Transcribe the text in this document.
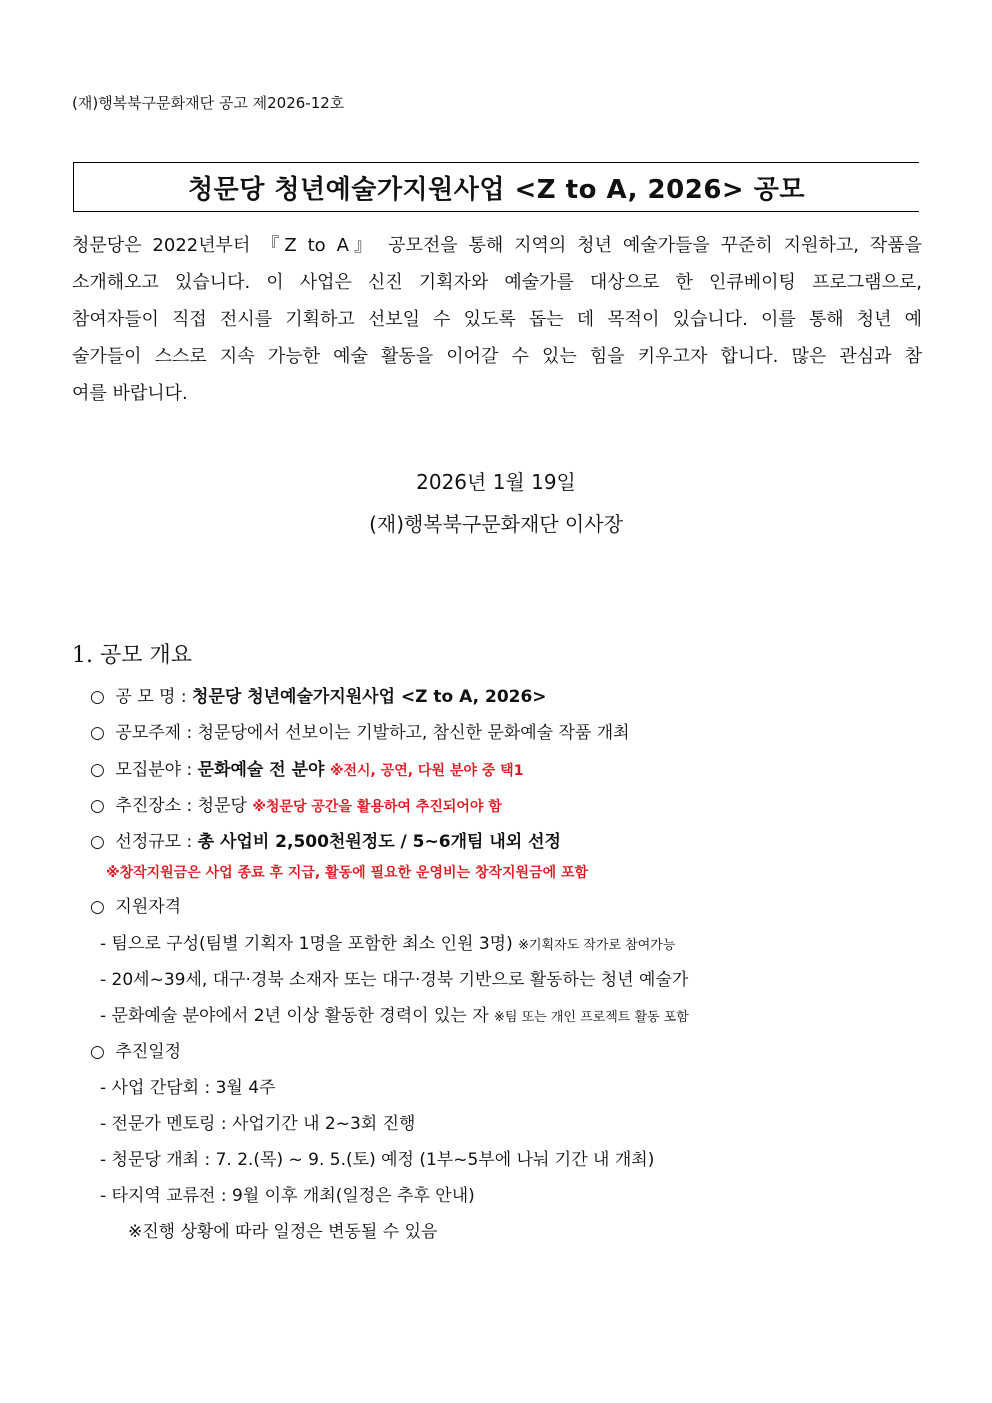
(재)행복북구문화재단 공고 제2026-12호
청문당 청년예술가지원사업 <Z to A, 2026> 공모
청문당은 2022년부터 『Z to A』 공모전을 통해 지역의 청년 예술가들을 꾸준히 지원하고, 작품을
소개해오고 있습니다. 이 사업은 신진 기획자와 예술가를 대상으로 한 인큐베이팅 프로그램으로,
참여자들이 직접 전시를 기획하고 선보일 수 있도록 돕는 데 목적이 있습니다. 이를 통해 청년 예
술가들이 스스로 지속 가능한 예술 활동을 이어갈 수 있는 힘을 키우고자 합니다. 많은 관심과 참
여를 바랍니다.
2026년 1월 19일
(재)행복북구문화재단 이사장
1. 공모 개요
○ 공 모 명 : 청문당 청년예술가지원사업 <Z to A, 2026>
○ 공모주제 : 청문당에서 선보이는 기발하고, 참신한 문화예술 작품 개최
○ 모집분야 : 문화예술 전 분야 ※전시, 공연, 다원 분야 중 택1
○ 추진장소 : 청문당 ※청문당 공간을 활용하여 추진되어야 함
○ 선정규모 : 총 사업비 2,500천원정도 / 5~6개팀 내외 선정
※창작지원금은 사업 종료 후 지급, 활동에 필요한 운영비는 창작지원금에 포함
○ 지원자격
- 팀으로 구성(팀별 기획자 1명을 포함한 최소 인원 3명) ※기획자도 작가로 참여가능
- 20세~39세, 대구·경북 소재자 또는 대구·경북 기반으로 활동하는 청년 예술가
- 문화예술 분야에서 2년 이상 활동한 경력이 있는 자 ※팀 또는 개인 프로젝트 활동 포함
○ 추진일정
- 사업 간담회 : 3월 4주
- 전문가 멘토링 : 사업기간 내 2~3회 진행
- 청문당 개최 : 7. 2.(목) ~ 9. 5.(토) 예정 (1부~5부에 나눠 기간 내 개최)
- 타지역 교류전 : 9월 이후 개최(일정은 추후 안내)
※진행 상황에 따라 일정은 변동될 수 있음
